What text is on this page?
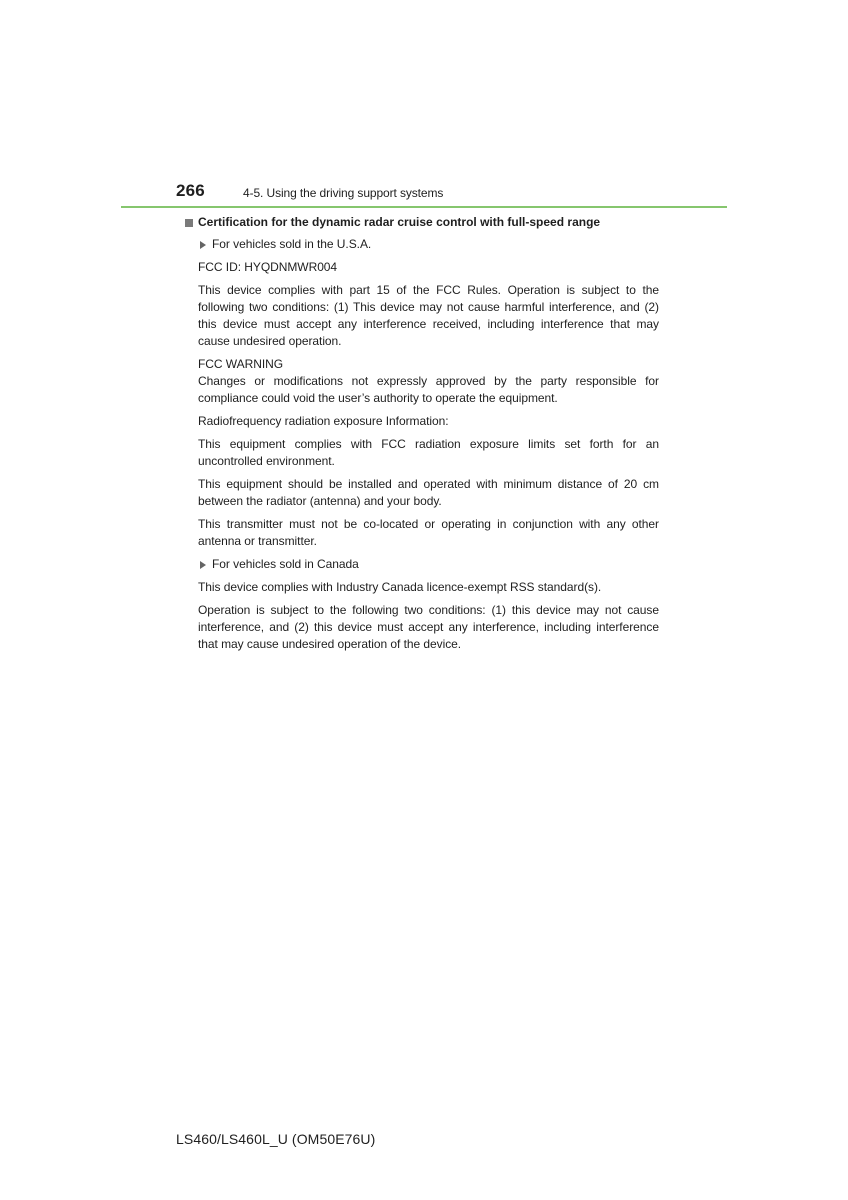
266	4-5. Using the driving support systems
Certification for the dynamic radar cruise control with full-speed range
For vehicles sold in the U.S.A.
FCC ID: HYQDNMWR004
This device complies with part 15 of the FCC Rules. Operation is subject to the following two conditions: (1) This device may not cause harmful interference, and (2) this device must accept any interference received, including interference that may cause undesired operation.
FCC WARNING
Changes or modifications not expressly approved by the party responsible for compliance could void the user’s authority to operate the equipment.
Radiofrequency radiation exposure Information:
This equipment complies with FCC radiation exposure limits set forth for an uncontrolled environment.
This equipment should be installed and operated with minimum distance of 20 cm between the radiator (antenna) and your body.
This transmitter must not be co-located or operating in conjunction with any other antenna or transmitter.
For vehicles sold in Canada
This device complies with Industry Canada licence-exempt RSS standard(s).
Operation is subject to the following two conditions: (1) this device may not cause interference, and (2) this device must accept any interference, including interference that may cause undesired operation of the device.
LS460/LS460L_U (OM50E76U)
